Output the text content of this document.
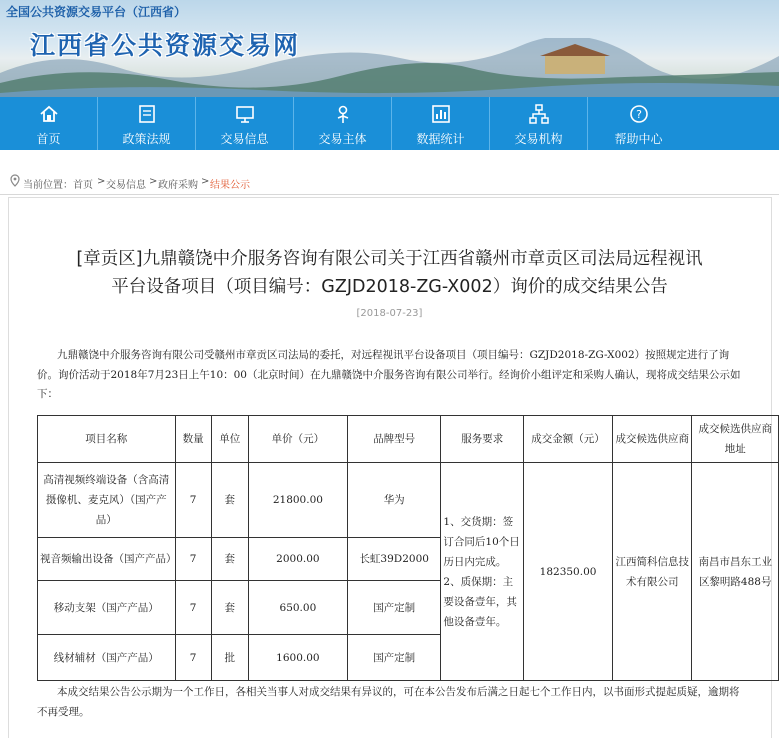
全国公共资源交易平台（江西省）
江西省公共资源交易网
首页	政策法规	交易信息	交易主体	数据统计	交易机构
?
帮助中心
当前位置： 首页 > 交易信息 > 政府采购 > 结果公示
[章贡区]九鼎赣饶中介服务咨询有限公司关于江西省赣州市章贡区司法局远程视讯
平台设备项目（项目编号：GZJD2018-ZG-X002）询价的成交结果公告
[2018-07-23]
九鼎赣饶中介服务咨询有限公司受赣州市章贡区司法局的委托，对远程视讯平台设备项目（项目编号：GZJD2018-ZG-X002）按照规定进行了询价。询价活动于2018年7月23日上午10：00（北京时间）在九鼎赣饶中介服务咨询有限公司举行。经询价小组评定和采购人确认，现将成交结果公示如下：
项目名称	数量	单位	单价（元）	品牌型号	服务要求	成交金额（元）	成交候选供应商	成交候选供应商地址
高清视频终端设备（含高清摄像机、麦克风）（国产产品）	7	套	21800.00	华为	1、交货期：签订合同后10个日历日内完成。2、质保期：主要设备壹年，其他设备壹年。	182350.00	江西简科信息技术有限公司	南昌市昌东工业区黎明路488号
视音频输出设备（国产产品）	7	套	2000.00	长虹39D2000				
移动支架（国产产品）	7	套	650.00	国产定制				
线材辅材（国产产品）	7	批	1600.00	国产定制				
本成交结果公告公示期为一个工作日，各相关当事人对成交结果有异议的，可在本公告发布后满之日起七个工作日内，以书面形式提起质疑，逾期将不再受理。
